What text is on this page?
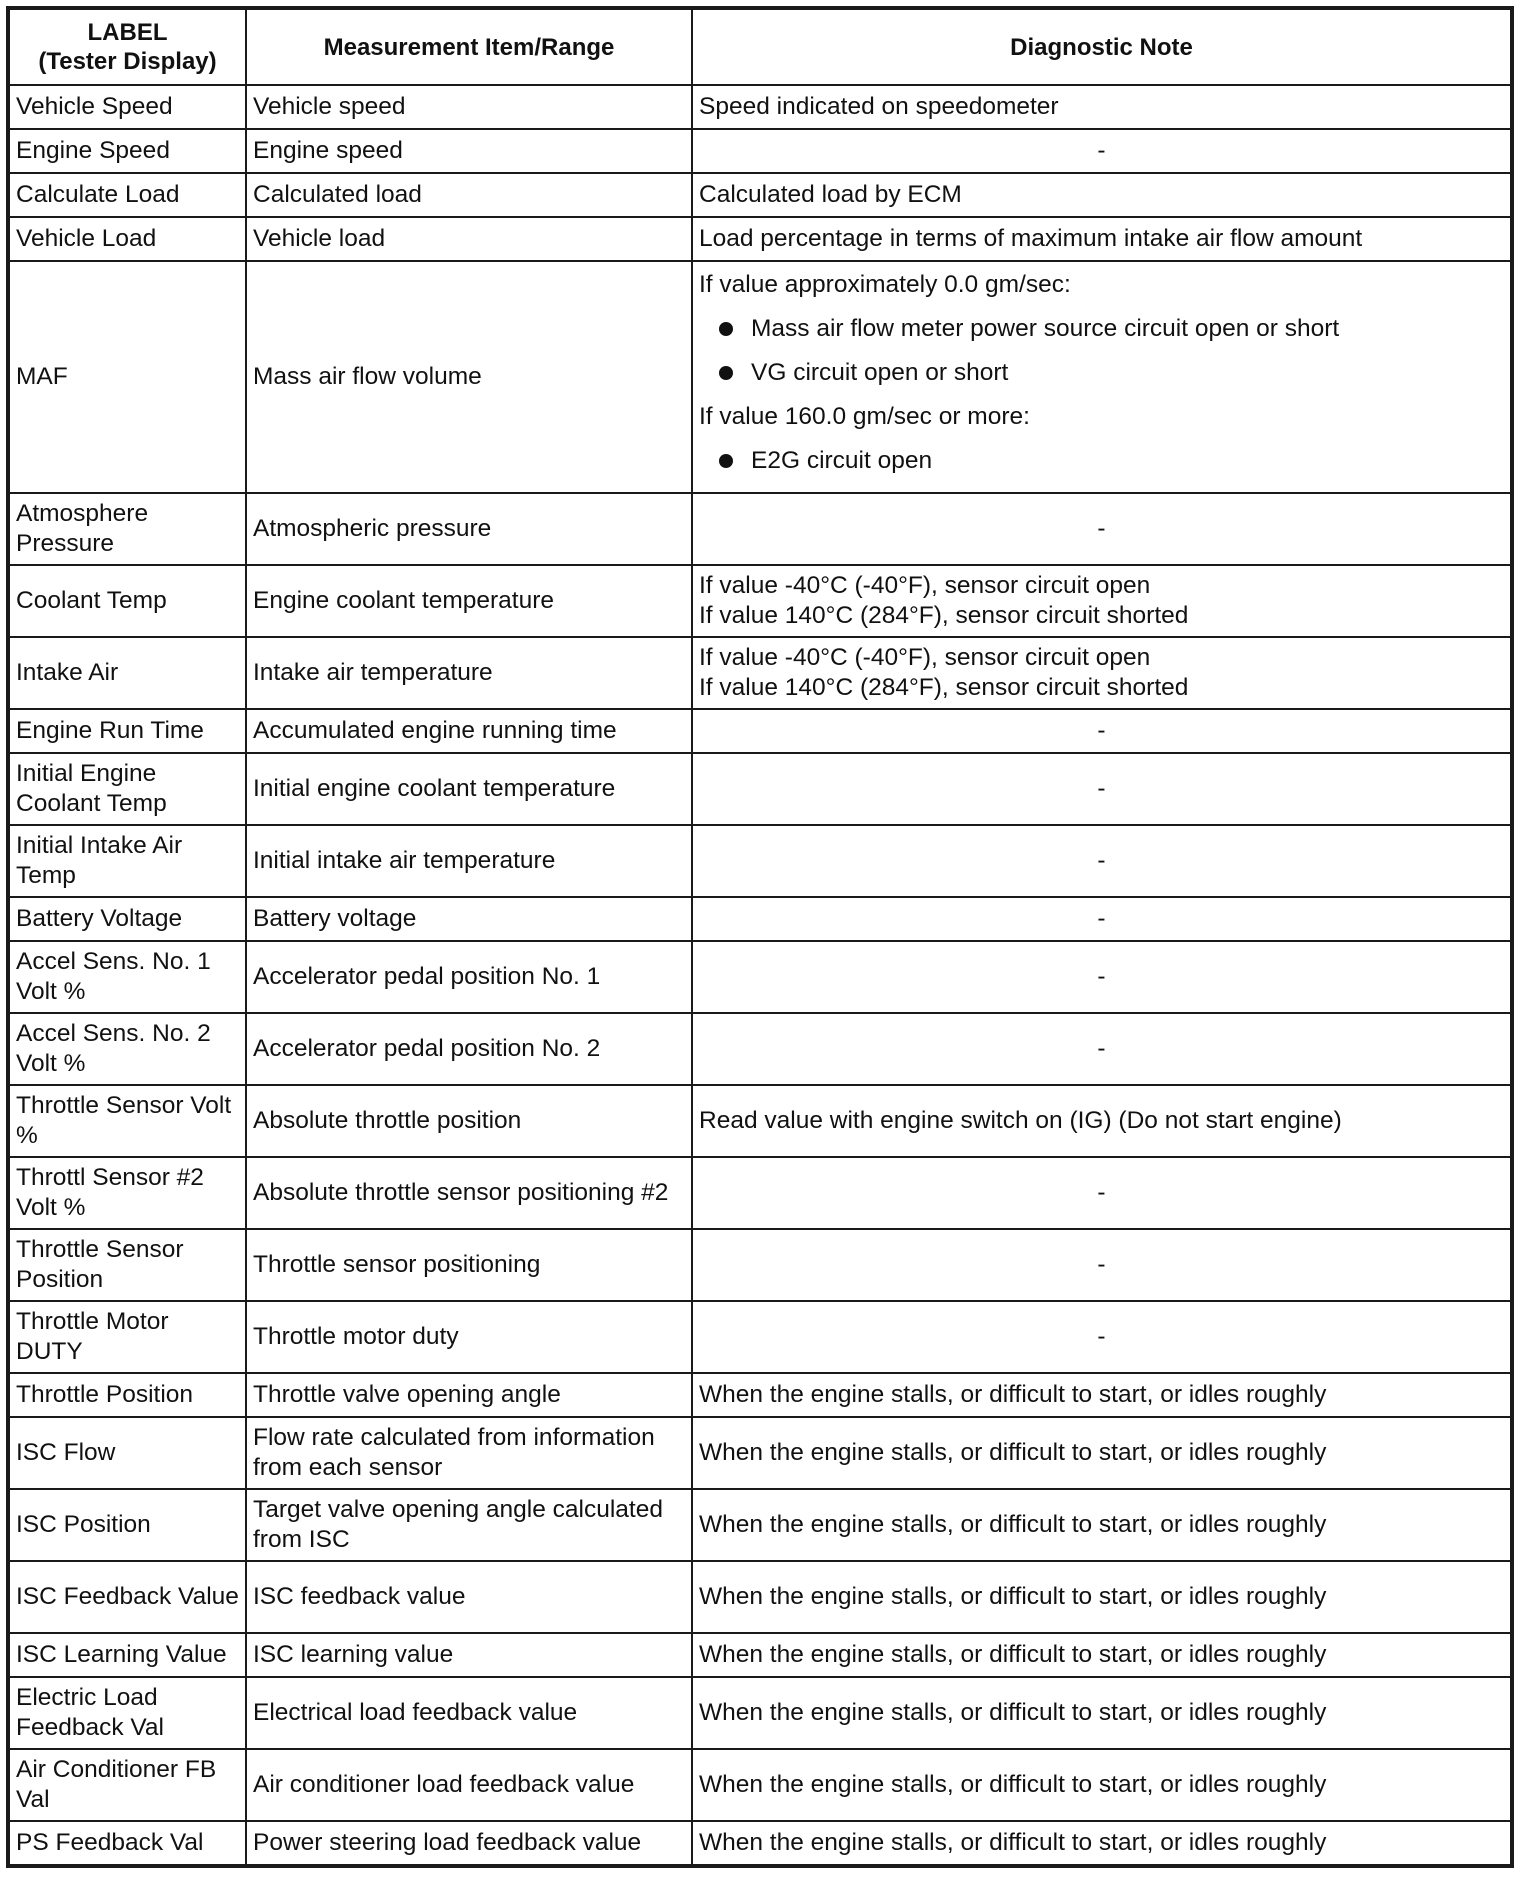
LABEL
(Tester Display)	Measurement Item/Range	Diagnostic Note
Vehicle Speed	Vehicle speed	Speed indicated on speedometer
Engine Speed	Engine speed	-
Calculate Load	Calculated load	Calculated load by ECM
Vehicle Load	Vehicle load	Load percentage in terms of maximum intake air flow amount
MAF	Mass air flow volume	If value approximately 0.0 gm/sec:
Mass air flow meter power source circuit open or short
VG circuit open or short
If value 160.0 gm/sec or more:
E2G circuit open

Atmosphere Pressure	Atmospheric pressure	-
Coolant Temp	Engine coolant temperature	If value -40°C (-40°F), sensor circuit open
If value 140°C (284°F), sensor circuit shorted
Intake Air	Intake air temperature	If value -40°C (-40°F), sensor circuit open
If value 140°C (284°F), sensor circuit shorted
Engine Run Time	Accumulated engine running time	-
Initial Engine Coolant Temp	Initial engine coolant temperature	-
Initial Intake Air Temp	Initial intake air temperature	-
Battery Voltage	Battery voltage	-
Accel Sens. No. 1 Volt %	Accelerator pedal position No. 1	-
Accel Sens. No. 2 Volt %	Accelerator pedal position No. 2	-
Throttle Sensor Volt %	Absolute throttle position	Read value with engine switch on (IG) (Do not start engine)
Throttl Sensor #2 Volt %	Absolute throttle sensor positioning #2	-
Throttle Sensor Position	Throttle sensor positioning	-
Throttle Motor DUTY	Throttle motor duty	-
Throttle Position	Throttle valve opening angle	When the engine stalls, or difficult to start, or idles roughly
ISC Flow	Flow rate calculated from information from each sensor	When the engine stalls, or difficult to start, or idles roughly
ISC Position	Target valve opening angle calculated from ISC	When the engine stalls, or difficult to start, or idles roughly
ISC Feedback Value	ISC feedback value	When the engine stalls, or difficult to start, or idles roughly
ISC Learning Value	ISC learning value	When the engine stalls, or difficult to start, or idles roughly
Electric Load Feedback Val	Electrical load feedback value	When the engine stalls, or difficult to start, or idles roughly
Air Conditioner FB Val	Air conditioner load feedback value	When the engine stalls, or difficult to start, or idles roughly
PS Feedback Val	Power steering load feedback value	When the engine stalls, or difficult to start, or idles roughly
